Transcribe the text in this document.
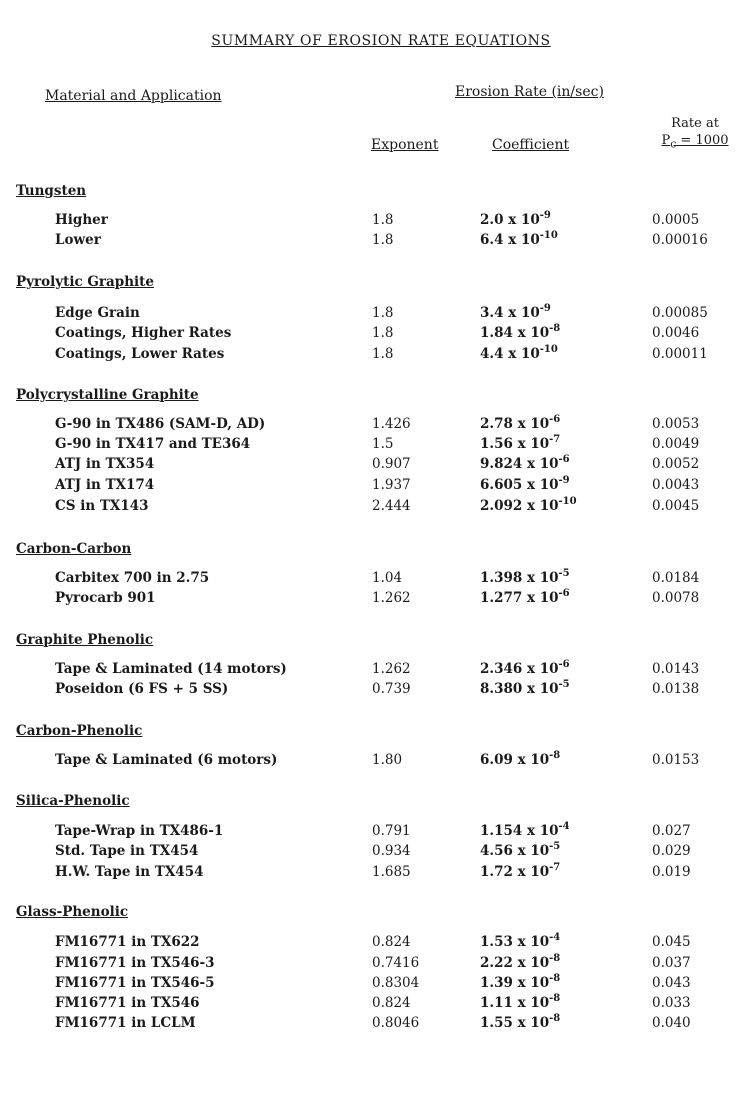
SUMMARY OF EROSION RATE EQUATIONS
Material and Application	Erosion Rate (in/sec)
Exponent	Coefficient
Rate at
$P_c = 1000$
Tungsten
Higher	1.8	2.0 x $10^{-9}$	0.0005
Lower	1.8	6.4 x $10^{-10}$	0.00016
Pyrolytic Graphite
Edge Grain	1.8	3.4 x $10^{-9}$	0.00085
Coatings, Higher Rates	1.8	1.84 x $10^{-8}$	0.0046
Coatings, Lower Rates	1.8	4.4 x $10^{-10}$	0.00011
Polycrystalline Graphite
G-90 in TX486 (SAM-D, AD)	1.426	2.78 x $10^{-6}$	0.0053
G-90 in TX417 and TE364	1.5	1.56 x $10^{-7}$	0.0049
ATJ in TX354	0.907	9.824 x $10^{-6}$	0.0052
ATJ in TX174	1.937	6.605 x $10^{-9}$	0.0043
CS in TX143	2.444	2.092 x $10^{-10}$	0.0045
Carbon-Carbon
Carbitex 700 in 2.75	1.04	1.398 x $10^{-5}$	0.0184
Pyrocarb 901	1.262	1.277 x $10^{-6}$	0.0078
Graphite Phenolic
Tape & Laminated (14 motors)	1.262	2.346 x $10^{-6}$	0.0143
Poseidon (6 FS + 5 SS)	0.739	8.380 x $10^{-5}$	0.0138
Carbon-Phenolic
Tape & Laminated (6 motors)	1.80	6.09 x $10^{-8}$	0.0153
Silica-Phenolic
Tape-Wrap in TX486-1	0.791	1.154 x $10^{-4}$	0.027
Std. Tape in TX454	0.934	4.56 x $10^{-5}$	0.029
H.W. Tape in TX454	1.685	1.72 x $10^{-7}$	0.019
Glass-Phenolic
FM16771 in TX622	0.824	1.53 x $10^{-4}$	0.045
FM16771 in TX546-3	0.7416	2.22 x $10^{-8}$	0.037
FM16771 in TX546-5	0.8304	1.39 x $10^{-8}$	0.043
FM16771 in TX546	0.824	1.11 x $10^{-8}$	0.033
FM16771 in LCLM	0.8046	1.55 x $10^{-8}$	0.040
